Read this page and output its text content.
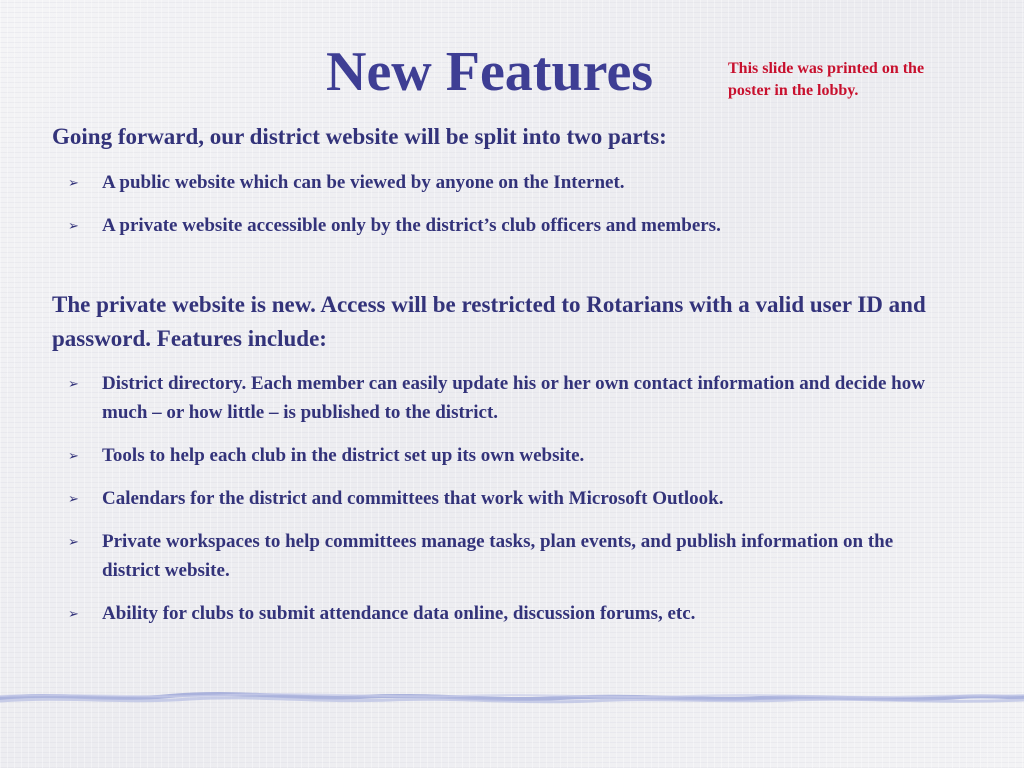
New Features	This slide was printed on the poster in the lobby.

Going forward, our district website will be split into two parts:

➢	A public website which can be viewed by anyone on the Internet.
➢	A private website accessible only by the district’s club officers and members.

The private website is new. Access will be restricted to Rotarians with a valid user ID and password. Features include:

➢	District directory. Each member can easily update his or her own contact information and decide how much – or how little – is published to the district.
➢	Tools to help each club in the district set up its own website.
➢	Calendars for the district and committees that work with Microsoft Outlook.
➢	Private workspaces to help committees manage tasks, plan events, and publish information on the district website.
➢	Ability for clubs to submit attendance data online, discussion forums, etc.
